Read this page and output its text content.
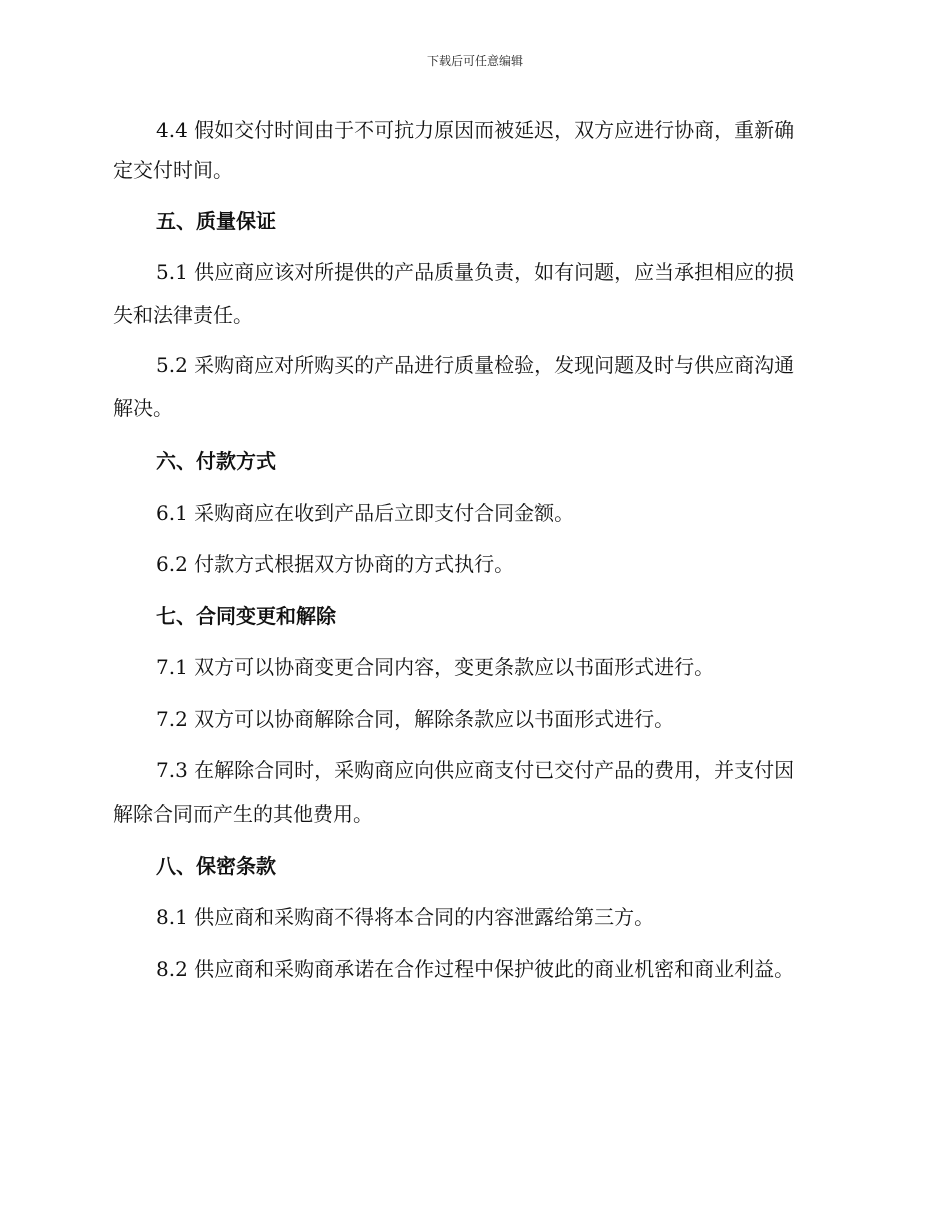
下载后可任意编辑
4.4 假如交付时间由于不可抗力原因而被延迟，双方应进行协商，重新确
定交付时间。
五、质量保证
5.1 供应商应该对所提供的产品质量负责，如有问题，应当承担相应的损
失和法律责任。
5.2 采购商应对所购买的产品进行质量检验，发现问题及时与供应商沟通
解决。
六、付款方式
6.1 采购商应在收到产品后立即支付合同金额。
6.2 付款方式根据双方协商的方式执行。
七、合同变更和解除
7.1 双方可以协商变更合同内容，变更条款应以书面形式进行。
7.2 双方可以协商解除合同，解除条款应以书面形式进行。
7.3 在解除合同时，采购商应向供应商支付已交付产品的费用，并支付因
解除合同而产生的其他费用。
八、保密条款
8.1 供应商和采购商不得将本合同的内容泄露给第三方。
8.2 供应商和采购商承诺在合作过程中保护彼此的商业机密和商业利益。
